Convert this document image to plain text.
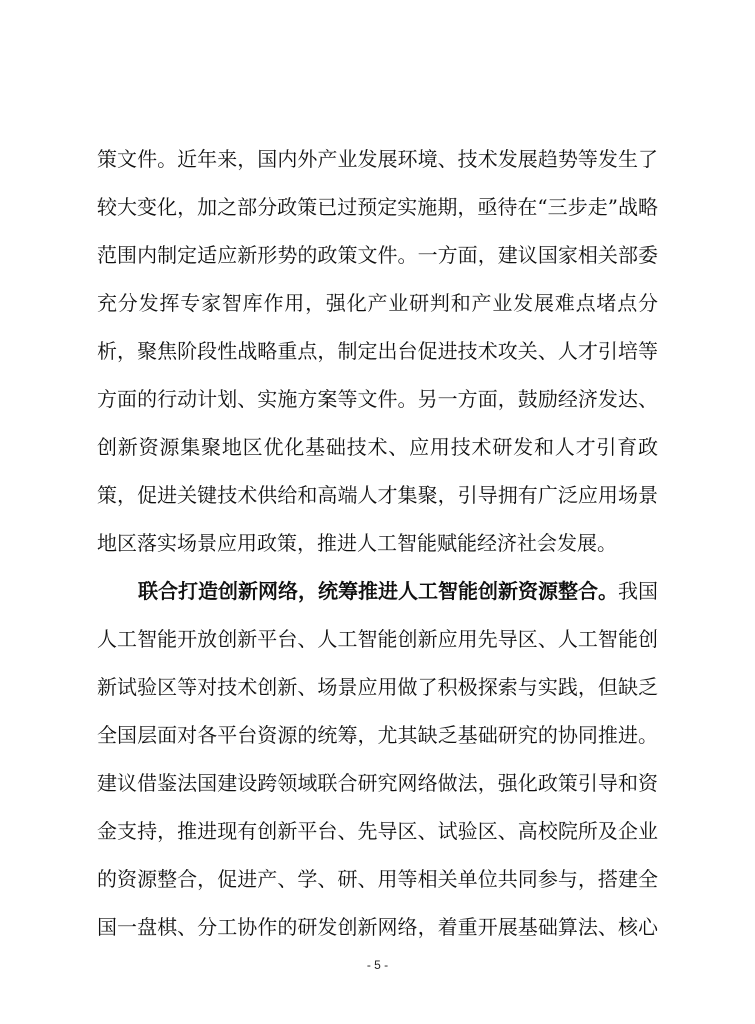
策文件。近年来，国内外产业发展环境、技术发展趋势等发生了
较大变化，加之部分政策已过预定实施期，亟待在“三步走”战略
范围内制定适应新形势的政策文件。一方面，建议国家相关部委
充分发挥专家智库作用，强化产业研判和产业发展难点堵点分
析，聚焦阶段性战略重点，制定出台促进技术攻关、人才引培等
方面的行动计划、实施方案等文件。另一方面，鼓励经济发达、
创新资源集聚地区优化基础技术、应用技术研发和人才引育政
策，促进关键技术供给和高端人才集聚，引导拥有广泛应用场景
地区落实场景应用政策，推进人工智能赋能经济社会发展。
联合打造创新网络，统筹推进人工智能创新资源整合。我国
人工智能开放创新平台、人工智能创新应用先导区、人工智能创
新试验区等对技术创新、场景应用做了积极探索与实践，但缺乏
全国层面对各平台资源的统筹，尤其缺乏基础研究的协同推进。
建议借鉴法国建设跨领域联合研究网络做法，强化政策引导和资
金支持，推进现有创新平台、先导区、试验区、高校院所及企业
的资源整合，促进产、学、研、用等相关单位共同参与，搭建全
国一盘棋、分工协作的研发创新网络，着重开展基础算法、核心
- 5 -
